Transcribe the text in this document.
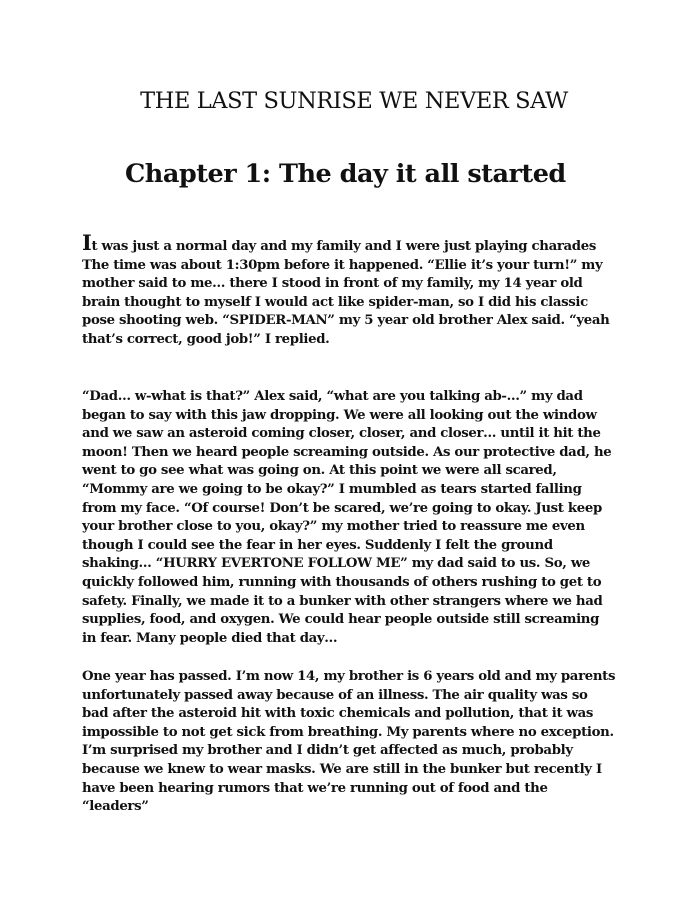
THE LAST SUNRISE WE NEVER SAW
Chapter 1: The day it all started

It was just a normal day and my family and I were just playing charades The time was about 1:30pm before it happened. “Ellie it’s your turn!” my mother said to me… there I stood in front of my family, my 14 year old brain thought to myself I would act like spider-man, so I did his classic pose shooting web. “SPIDER-MAN” my 5 year old brother Alex said. “yeah that’s correct, good job!” I replied.

“Dad… w-what is that?” Alex said, “what are you talking ab-…” my dad began to say with this jaw dropping. We were all looking out the window and we saw an asteroid coming closer, closer, and closer… until it hit the moon! Then we heard people screaming outside. As our protective dad, he went to go see what was going on. At this point we were all scared, “Mommy are we going to be okay?” I mumbled as tears started falling from my face. “Of course! Don’t be scared, we’re going to okay. Just keep your brother close to you, okay?” my mother tried to reassure me even though I could see the fear in her eyes. Suddenly I felt the ground shaking… “HURRY EVERTONE FOLLOW ME” my dad said to us. So, we quickly followed him, running with thousands of others rushing to get to safety. Finally, we made it to a bunker with other strangers where we had supplies, food, and oxygen. We could hear people outside still screaming in fear. Many people died that day…

One year has passed. I’m now 14, my brother is 6 years old and my parents unfortunately passed away because of an illness. The air quality was so bad after the asteroid hit with toxic chemicals and pollution, that it was impossible to not get sick from breathing. My parents where no exception. I’m surprised my brother and I didn’t get affected as much, probably because we knew to wear masks. We are still in the bunker but recently I have been hearing rumors that we’re running out of food and the “leaders”
